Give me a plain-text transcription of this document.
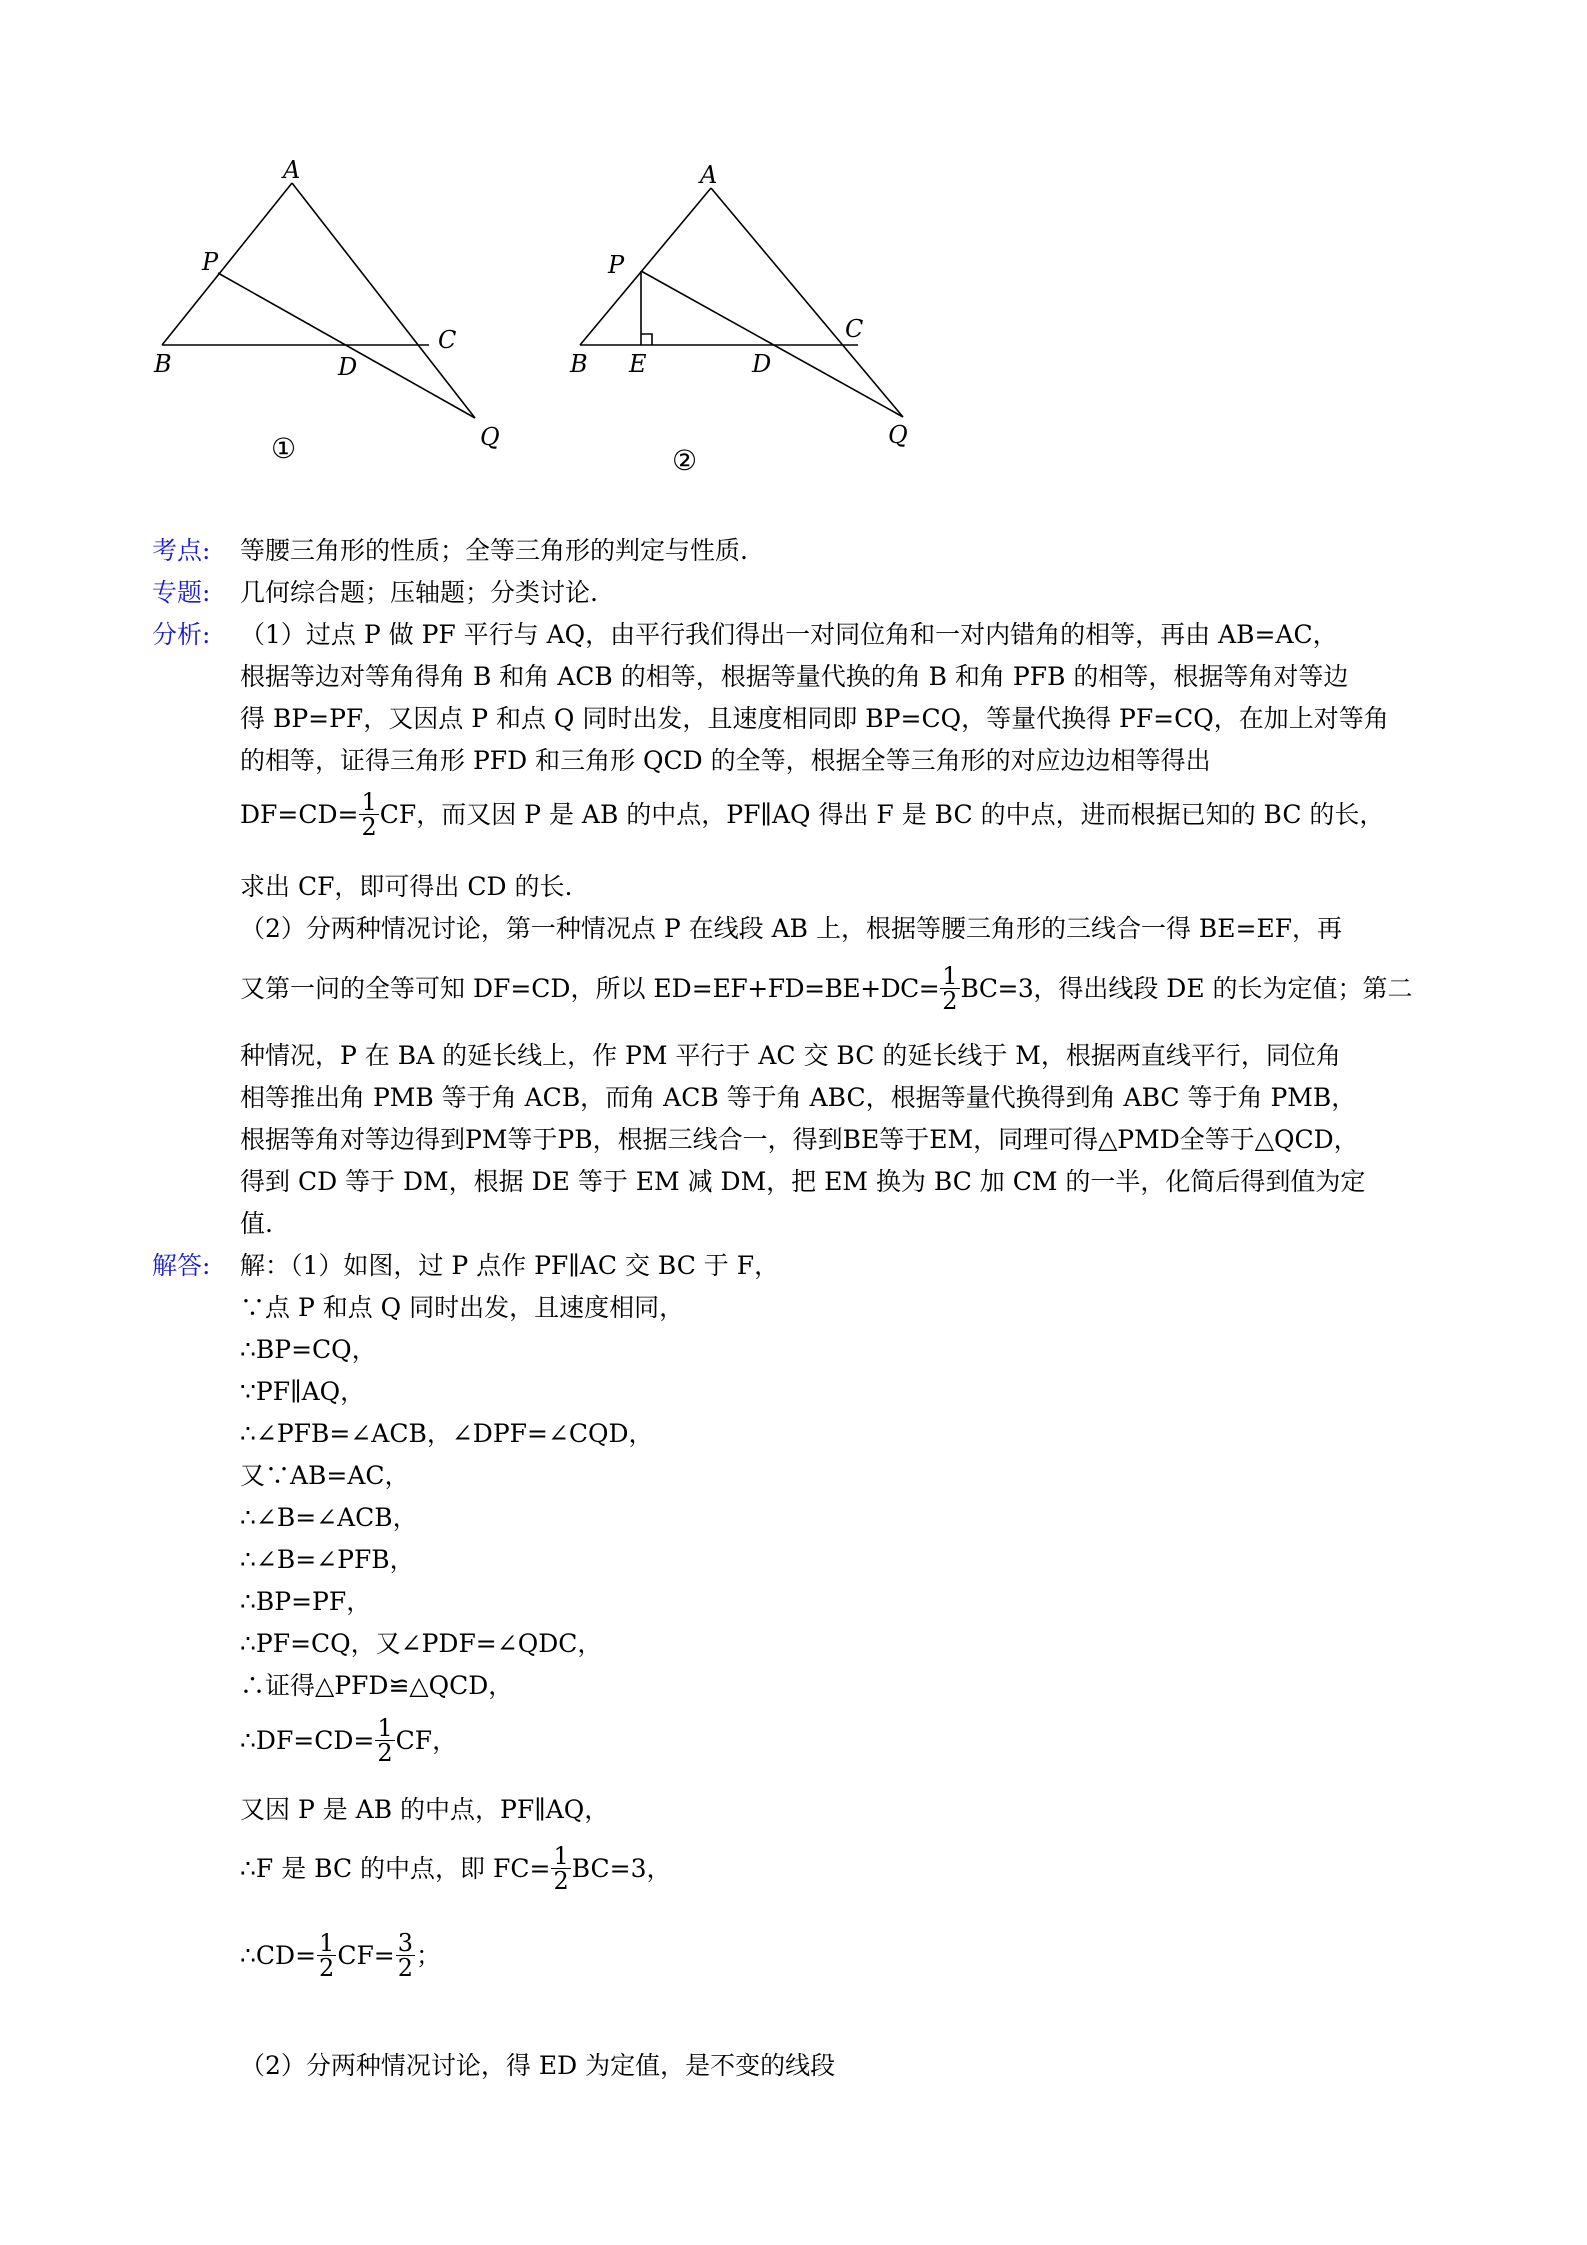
A
P
B	D
C
Q
①
A
P
B E	D
C
Q
②
考点:	等腰三角形的性质；全等三角形的判定与性质.
专题:	几何综合题；压轴题；分类讨论.
分析:	（1）过点 P 做 PF 平行与 AQ，由平行我们得出一对同位角和一对内错角的相等，再由 AB=AC，
根据等边对等角得角 B 和角 ACB 的相等，根据等量代换的角 B 和角 PFB 的相等，根据等角对等边
得 BP=PF，又因点 P 和点 Q 同时出发，且速度相同即 BP=CQ，等量代换得 PF=CQ，在加上对等角
的相等，证得三角形 PFD 和三角形 QCD 的全等，根据全等三角形的对应边边相等得出
$DF=CD= \frac{1}{2}$ CF，而又因 P 是 AB 的中点，PF∥AQ 得出 F 是 BC 的中点，进而根据已知的 BC 的长，
求出 CF，即可得出 CD 的长.
（2）分两种情况讨论，第一种情况点 P 在线段 AB 上，根据等腰三角形的三线合一得 BE=EF，再
又第一问的全等可知 DF=CD，所以 $ED=EF+FD=BE+DC= \frac{1}{2} BC=3$，得出线段 DE 的长为定值；第二
种情况，P 在 BA 的延长线上，作 PM 平行于 AC 交 BC 的延长线于 M，根据两直线平行，同位角
相等推出角 PMB 等于角 ACB，而角 ACB 等于角 ABC，根据等量代换得到角 ABC 等于角 PMB，
根据等角对等边得到PM等于PB，根据三线合一，得到BE等于EM，同理可得△PMD全等于△QCD，
得到 CD 等于 DM，根据 DE 等于 EM 减 DM，把 EM 换为 BC 加 CM 的一半，化简后得到值为定
值.
解答:	解：（1）如图，过 P 点作 PF∥AC 交 BC 于 F，
∵点 P 和点 Q 同时出发，且速度相同，
∴BP=CQ，
∵PF∥AQ，
∴∠PFB=∠ACB，∠DPF=∠CQD，
又∵AB=AC，
∴∠B=∠ACB，
∴∠B=∠PFB，
∴BP=PF，
∴PF=CQ，又∠PDF=∠QDC，
∴证得△PFD≌△QCD，
∴DF=CD= $\frac{1}{2}$ CF，
又因 P 是 AB 的中点，PF∥AQ，
∴F 是 BC 的中点，即 $FC= \frac{1}{2} BC=3$，
∴CD= $\frac{1}{2} CF= \frac{3}{2}$ ；
（2）分两种情况讨论，得 ED 为定值，是不变的线段
